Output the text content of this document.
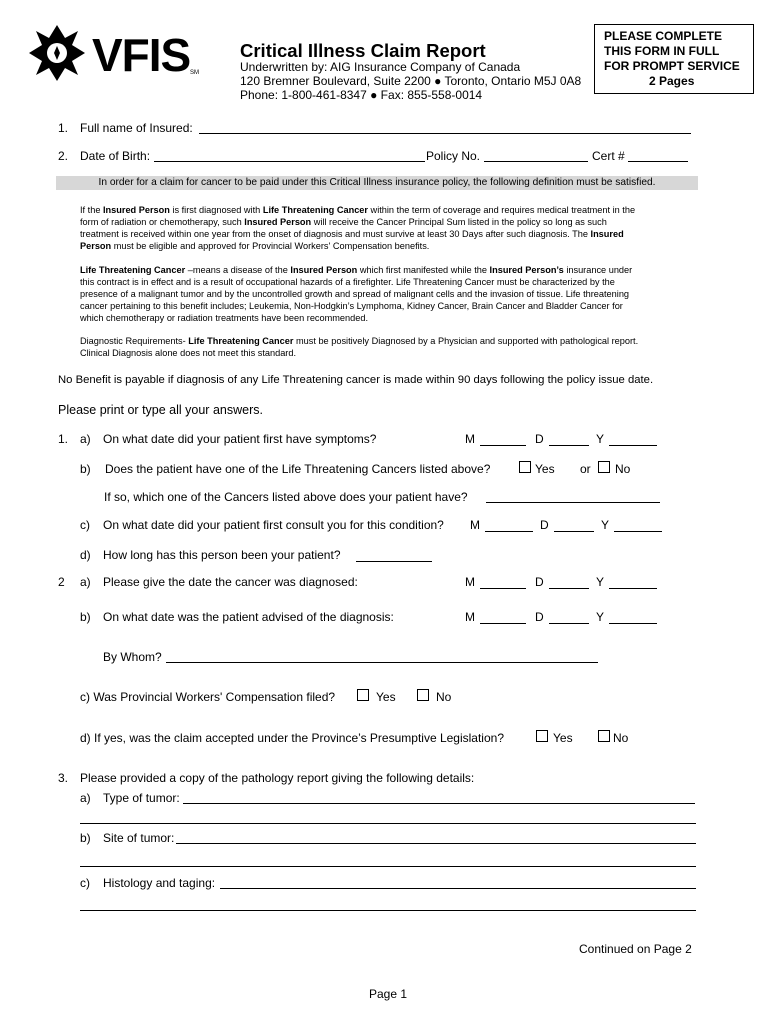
VFIS SM
Critical Illness Claim Report
Underwritten by: AIG Insurance Company of Canada
120 Bremner Boulevard, Suite 2200 ● Toronto, Ontario M5J 0A8
Phone: 1-800-461-8347 ● Fax: 855-558-0014
PLEASE COMPLETE
THIS FORM IN FULL
FOR PROMPT SERVICE
2 Pages
1. Full name of Insured:
2. Date of Birth:	Policy No.	Cert #
In order for a claim for cancer to be paid under this Critical Illness insurance policy, the following definition must be satisfied.
If the Insured Person is first diagnosed with Life Threatening Cancer within the term of coverage and requires medical treatment in the
form of radiation or chemotherapy, such Insured Person will receive the Cancer Principal Sum listed in the policy so long as such
treatment is received within one year from the onset of diagnosis and must survive at least 30 Days after such diagnosis. The Insured
Person must be eligible and approved for Provincial Workers' Compensation benefits.
Life Threatening Cancer –means a disease of the Insured Person which first manifested while the Insured Person’s insurance under
this contract is in effect and is a result of occupational hazards of a firefighter. Life Threatening Cancer must be characterized by the
presence of a malignant tumor and by the uncontrolled growth and spread of malignant cells and the invasion of tissue. Life threatening
cancer pertaining to this benefit includes; Leukemia, Non-Hodgkin’s Lymphoma, Kidney Cancer, Brain Cancer and Bladder Cancer for
which chemotherapy or radiation treatments have been recommended.
Diagnostic Requirements- Life Threatening Cancer must be positively Diagnosed by a Physician and supported with pathological report.
Clinical Diagnosis alone does not meet this standard.
No Benefit is payable if diagnosis of any Life Threatening cancer is made within 90 days following the policy issue date.
Please print or type all your answers.
1. a) On what date did your patient first have symptoms?	M	D	Y
b) Does the patient have one of the Life Threatening Cancers listed above?	Yes or No
If so, which one of the Cancers listed above does your patient have?
c) On what date did your patient first consult you for this condition? M	D	Y
d) How long has this person been your patient?
2 a) Please give the date the cancer was diagnosed:	M	D	Y
b) On what date was the patient advised of the diagnosis:	M	D	Y
By Whom?
c) Was Provincial Workers' Compensation filed?	Yes	No
d) If yes, was the claim accepted under the Province’s Presumptive Legislation?	Yes	No
3. Please provided a copy of the pathology report giving the following details:
a) Type of tumor:
b) Site of tumor:
c) Histology and taging:
Continued on Page 2
Page 1
